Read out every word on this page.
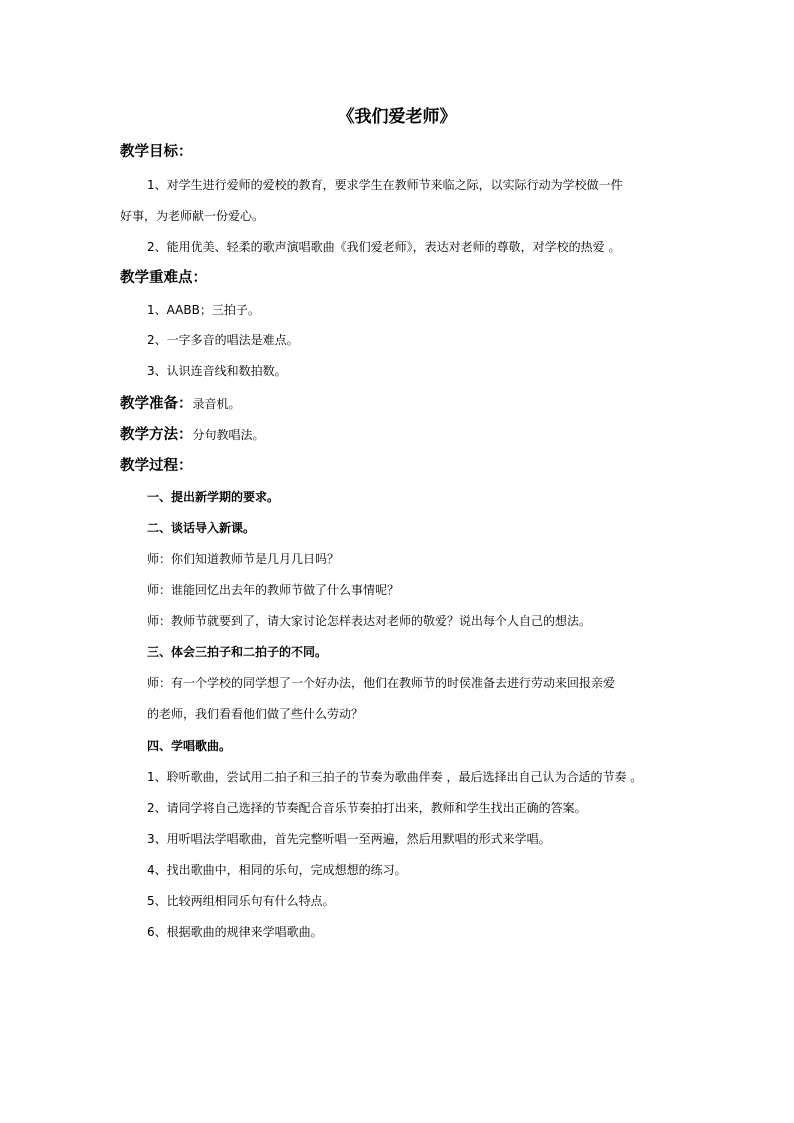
《我们爱老师》
教学目标：
1、对学生进行爱师的爱校的教育，要求学生在教师节来临之际，以实际行动为学校做一件
好事，为老师献一份爱心。
2、能用优美、轻柔的歌声演唱歌曲《我们爱老师》，表达对老师的尊敬，对学校的热爱 。
教学重难点：
1、AABB；三拍子。
2、一字多音的唱法是难点。
3、认识连音线和数拍数。
教学准备：录音机。
教学方法：分句教唱法。
教学过程：
一、提出新学期的要求。
二、谈话导入新课。
师：你们知道教师节是几月几日吗？
师：谁能回忆出去年的教师节做了什么事情呢？
师：教师节就要到了，请大家讨论怎样表达对老师的敬爱？说出每个人自己的想法。
三、体会三拍子和二拍子的不同。
师：有一个学校的同学想了一个好办法，他们在教师节的时侯准备去进行劳动来回报亲爱
的老师，我们看看他们做了些什么劳动？
四、学唱歌曲。
1、聆听歌曲，尝试用二拍子和三拍子的节奏为歌曲伴奏 ，最后选择出自己认为合适的节奏 。
2、请同学将自己选择的节奏配合音乐节奏拍打出来，教师和学生找出正确的答案。
3、用听唱法学唱歌曲，首先完整听唱一至两遍，然后用默唱的形式来学唱。
4、找出歌曲中，相同的乐句，完成想想的练习。
5、比较两组相同乐句有什么特点。
6、根据歌曲的规律来学唱歌曲。
